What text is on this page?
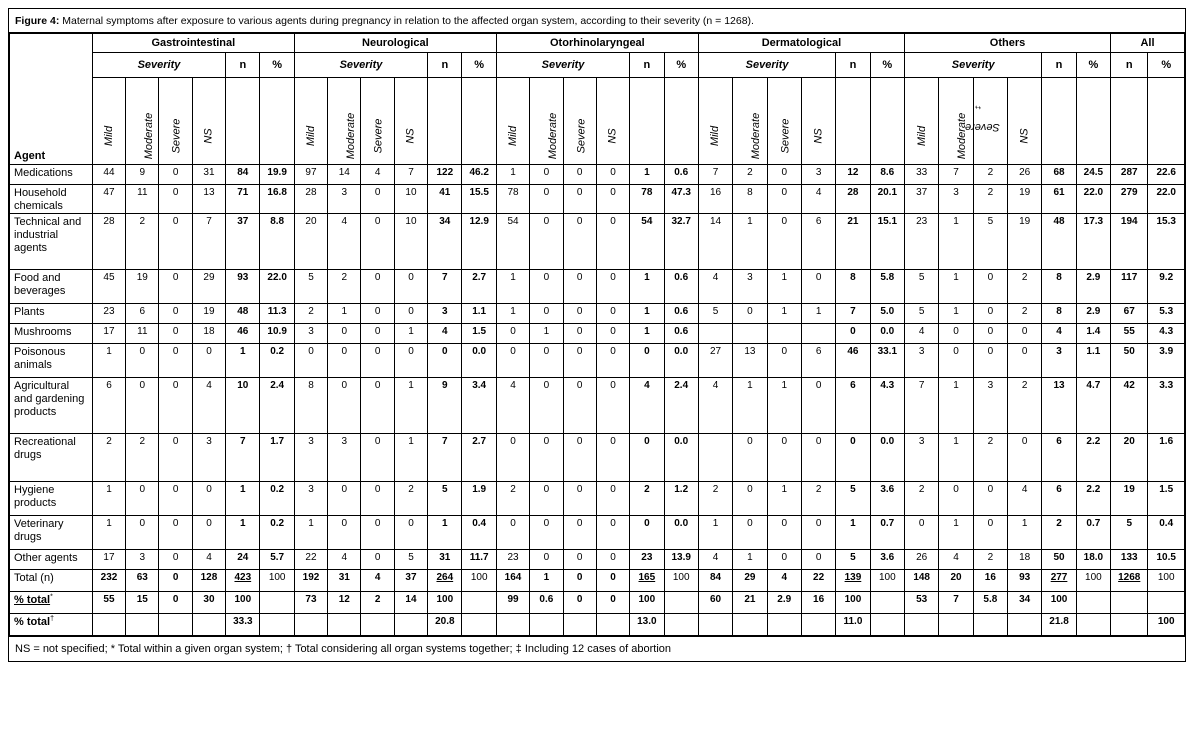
Figure 4: Maternal symptoms after exposure to various agents during pregnancy in relation to the affected organ system, according to their severity (n = 1268).
Agent	Gastrointestinal						Neurological						Otorhinolaryngeal						Dermatological						Others						All	
	Severity				n	%	Severity				n	%	Severity				n	%	Severity				n	%	Severity				n	%	n	%
	Mild	Moderate	Severe	NS			Mild	Moderate	Severe	NS			Mild	Moderate	Severe	NS			Mild	Moderate	Severe	NS			Mild	Moderate	Severe‡	NS				
Medications	44	9	0	31	84	19.9	97	14	4	7	122	46.2	1	0	0	0	1	0.6	7	2	0	3	12	8.6	33	7	2	26	68	24.5	287	22.6
Household chemicals	47	11	0	13	71	16.8	28	3	0	10	41	15.5	78	0	0	0	78	47.3	16	8	0	4	28	20.1	37	3	2	19	61	22.0	279	22.0
Technical and industrial agents	28	2	0	7	37	8.8	20	4	0	10	34	12.9	54	0	0	0	54	32.7	14	1	0	6	21	15.1	23	1	5	19	48	17.3	194	15.3
Food and beverages	45	19	0	29	93	22.0	5	2	0	0	7	2.7	1	0	0	0	1	0.6	4	3	1	0	8	5.8	5	1	0	2	8	2.9	117	9.2
Plants	23	6	0	19	48	11.3	2	1	0	0	3	1.1	1	0	0	0	1	0.6	5	0	1	1	7	5.0	5	1	0	2	8	2.9	67	5.3
Mushrooms	17	11	0	18	46	10.9	3	0	0	1	4	1.5	0	1	0	0	1	0.6					0	0.0	4	0	0	0	4	1.4	55	4.3
Poisonous animals	1	0	0	0	1	0.2	0	0	0	0	0	0.0	0	0	0	0	0	0.0	27	13	0	6	46	33.1	3	0	0	0	3	1.1	50	3.9
Agricultural and gardening products	6	0	0	4	10	2.4	8	0	0	1	9	3.4	4	0	0	0	4	2.4	4	1	1	0	6	4.3	7	1	3	2	13	4.7	42	3.3
Recreational drugs	2	2	0	3	7	1.7	3	3	0	1	7	2.7	0	0	0	0	0	0.0		0	0	0	0	0.0	3	1	2	0	6	2.2	20	1.6
Hygiene products	1	0	0	0	1	0.2	3	0	0	2	5	1.9	2	0	0	0	2	1.2	2	0	1	2	5	3.6	2	0	0	4	6	2.2	19	1.5
Veterinary drugs	1	0	0	0	1	0.2	1	0	0	0	1	0.4	0	0	0	0	0	0.0	1	0	0	0	1	0.7	0	1	0	1	2	0.7	5	0.4
Other agents	17	3	0	4	24	5.7	22	4	0	5	31	11.7	23	0	0	0	23	13.9	4	1	0	0	5	3.6	26	4	2	18	50	18.0	133	10.5
Total (n)	232	63	0	128	423	100	192	31	4	37	264	100	164	1	0	0	165	100	84	29	4	22	139	100	148	20	16	93	277	100	1268	100
% total*	55	15	0	30	100		73	12	2	14	100		99	0.6	0	0	100		60	21	2.9	16	100		53	7	5.8	34	100			
% total†					33.3						20.8						13.0						11.0						21.8			100
NS = not specified; * Total within a given organ system; † Total considering all organ systems together; ‡ Including 12 cases of abortion
